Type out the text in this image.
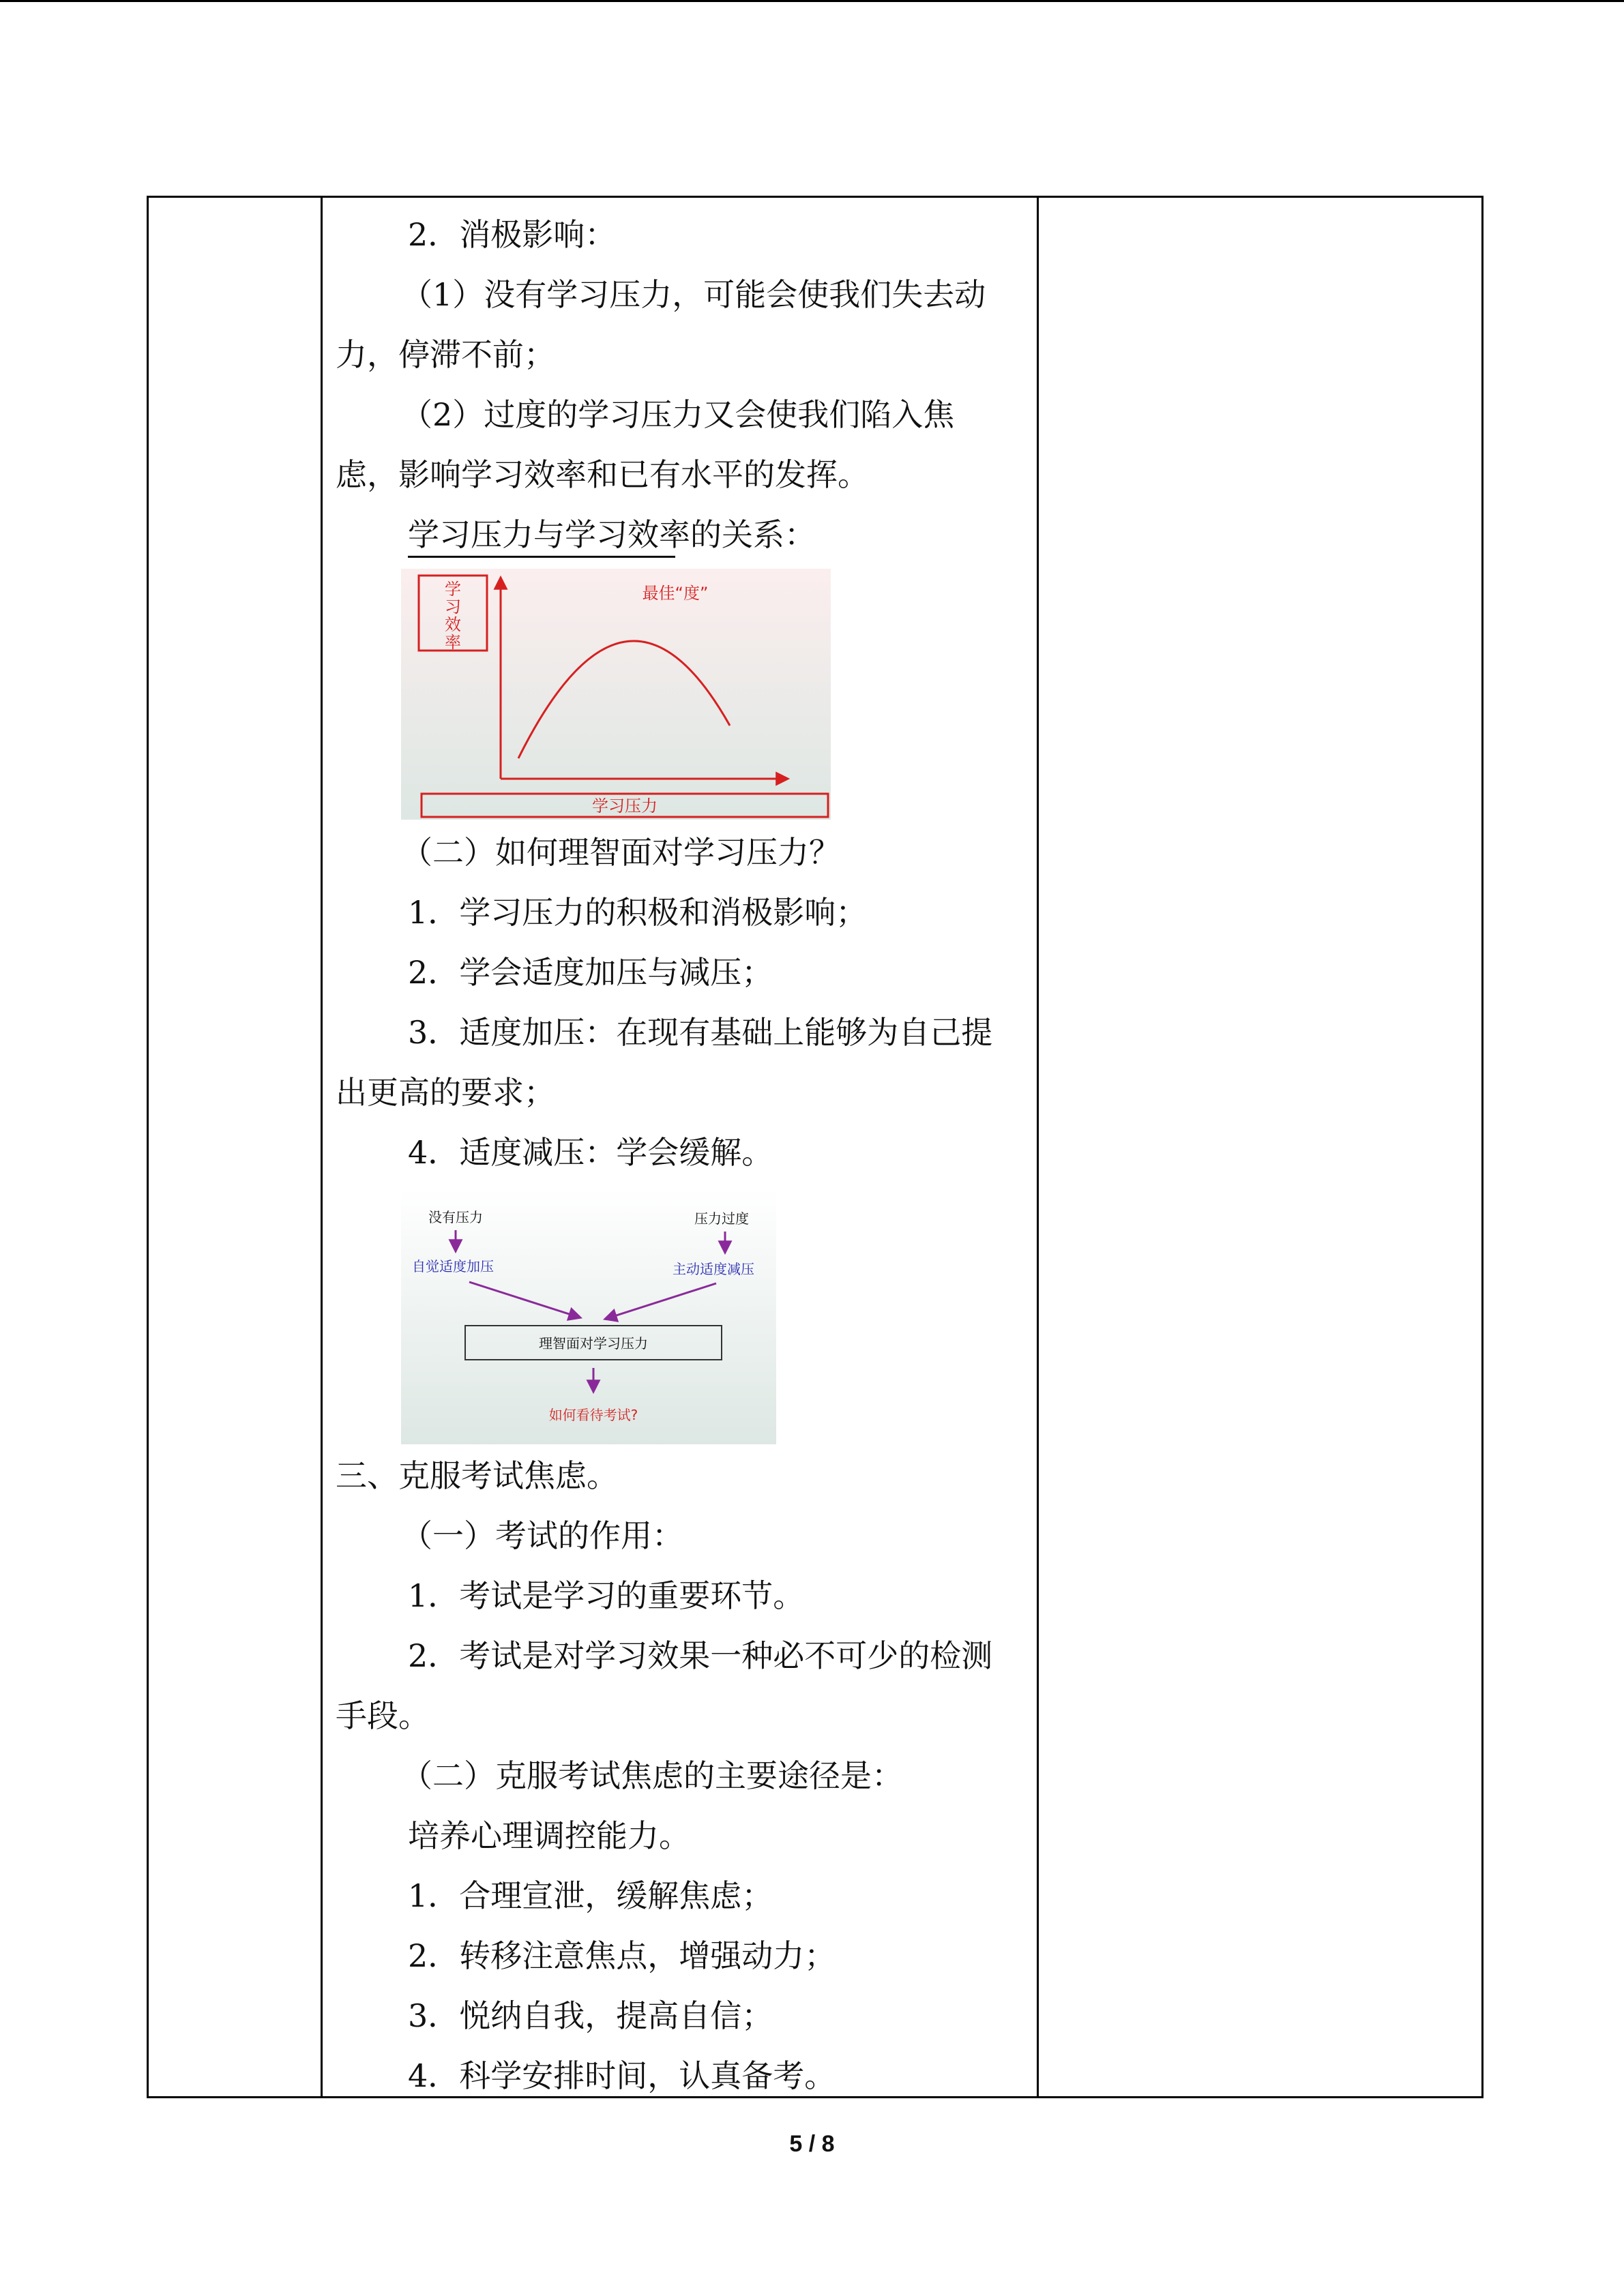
2．消极影响：
（1）没有学习压力，可能会使我们失去动
力，停滞不前；
（2）过度的学习压力又会使我们陷入焦
虑，影响学习效率和已有水平的发挥。
学习压力与学习效率的关系：
学
习
效
率
最佳“度”
学习压力
（二）如何理智面对学习压力？
1．学习压力的积极和消极影响；
2．学会适度加压与减压；
3．适度加压：在现有基础上能够为自己提
出更高的要求；
4．适度减压：学会缓解。
没有压力
自觉适度加压
压力过度
主动适度减压
理智面对学习压力
如何看待考试?
三、克服考试焦虑。
（一）考试的作用：
1．考试是学习的重要环节。
2．考试是对学习效果一种必不可少的检测
手段。
（二）克服考试焦虑的主要途径是：
培养心理调控能力。
1．合理宣泄，缓解焦虑；
2．转移注意焦点，增强动力；
3．悦纳自我，提高自信；
4．科学安排时间，认真备考。
5 / 8
